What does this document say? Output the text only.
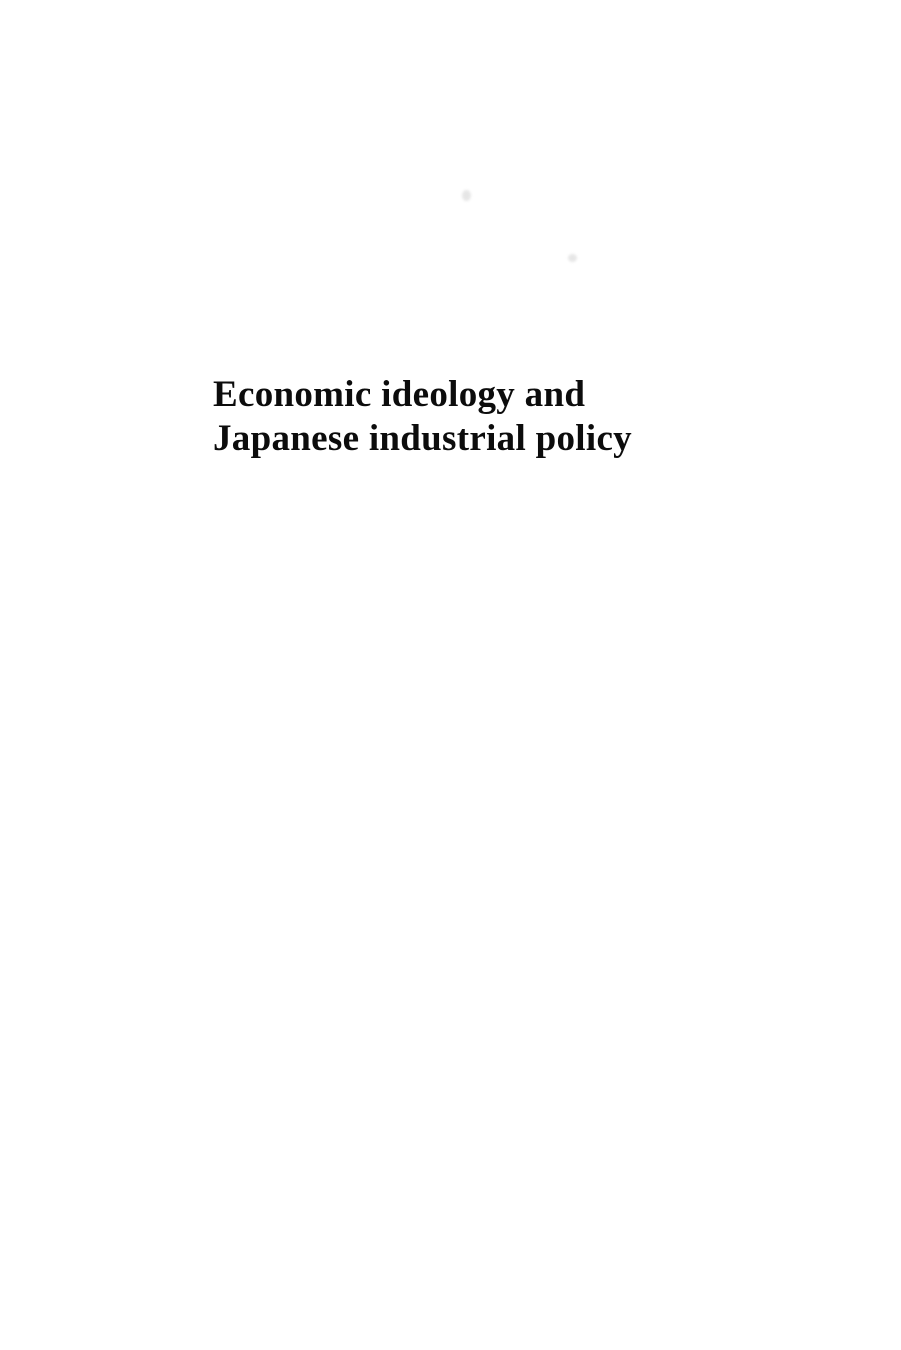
Economic ideology and
Japanese industrial policy
